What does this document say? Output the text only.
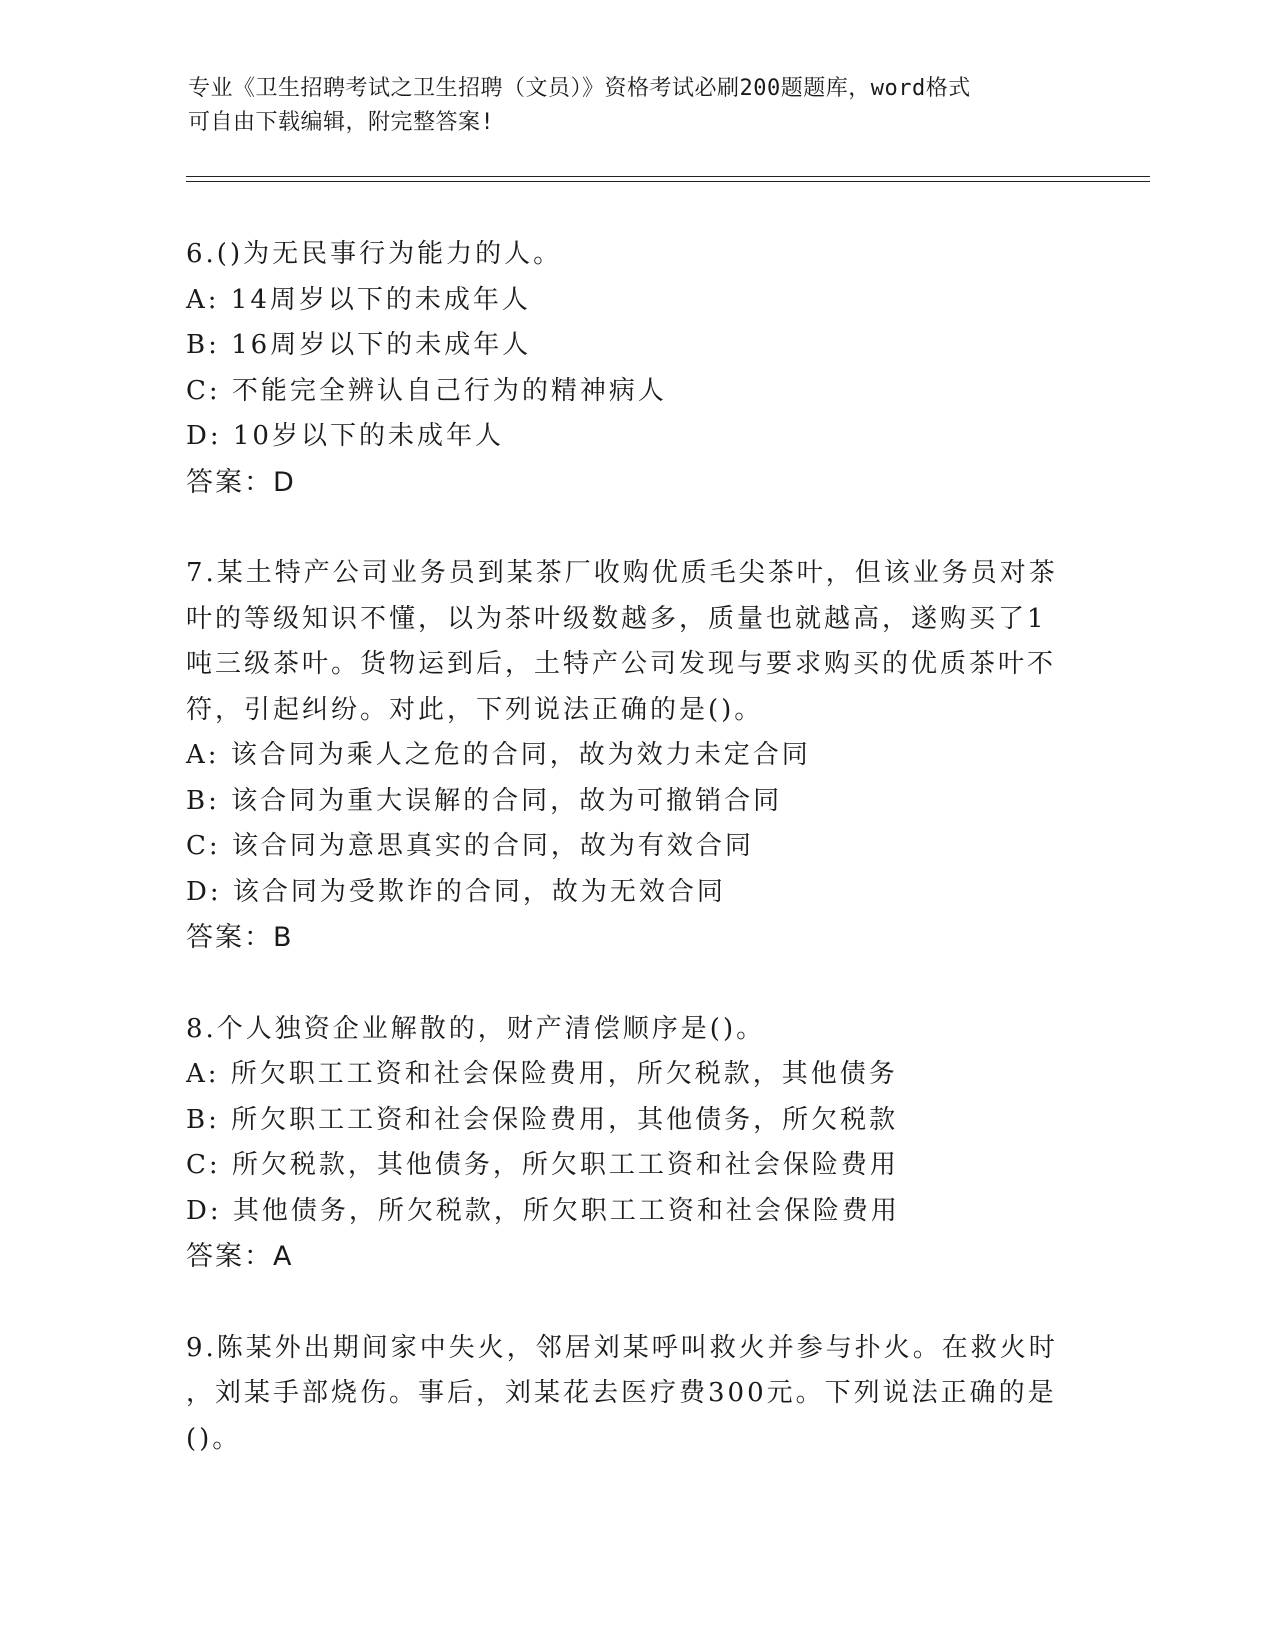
专业《卫生招聘考试之卫生招聘（文员）》资格考试必刷200题题库，word格式
可自由下载编辑，附完整答案!
6.()为无民事行为能力的人。
A: 14周岁以下的未成年人
B: 16周岁以下的未成年人
C: 不能完全辨认自己行为的精神病人
D: 10岁以下的未成年人
答案：D
7.某土特产公司业务员到某茶厂收购优质毛尖茶叶，但该业务员对茶
叶的等级知识不懂，以为茶叶级数越多，质量也就越高，遂购买了1
吨三级茶叶。货物运到后，土特产公司发现与要求购买的优质茶叶不
符，引起纠纷。对此，下列说法正确的是()。
A: 该合同为乘人之危的合同，故为效力未定合同
B: 该合同为重大误解的合同，故为可撤销合同
C: 该合同为意思真实的合同，故为有效合同
D: 该合同为受欺诈的合同，故为无效合同
答案：B
8.个人独资企业解散的，财产清偿顺序是()。
A: 所欠职工工资和社会保险费用，所欠税款，其他债务
B: 所欠职工工资和社会保险费用，其他债务，所欠税款
C: 所欠税款，其他债务，所欠职工工资和社会保险费用
D: 其他债务，所欠税款，所欠职工工资和社会保险费用
答案：A
9.陈某外出期间家中失火，邻居刘某呼叫救火并参与扑火。在救火时
，刘某手部烧伤。事后，刘某花去医疗费300元。下列说法正确的是
()。
